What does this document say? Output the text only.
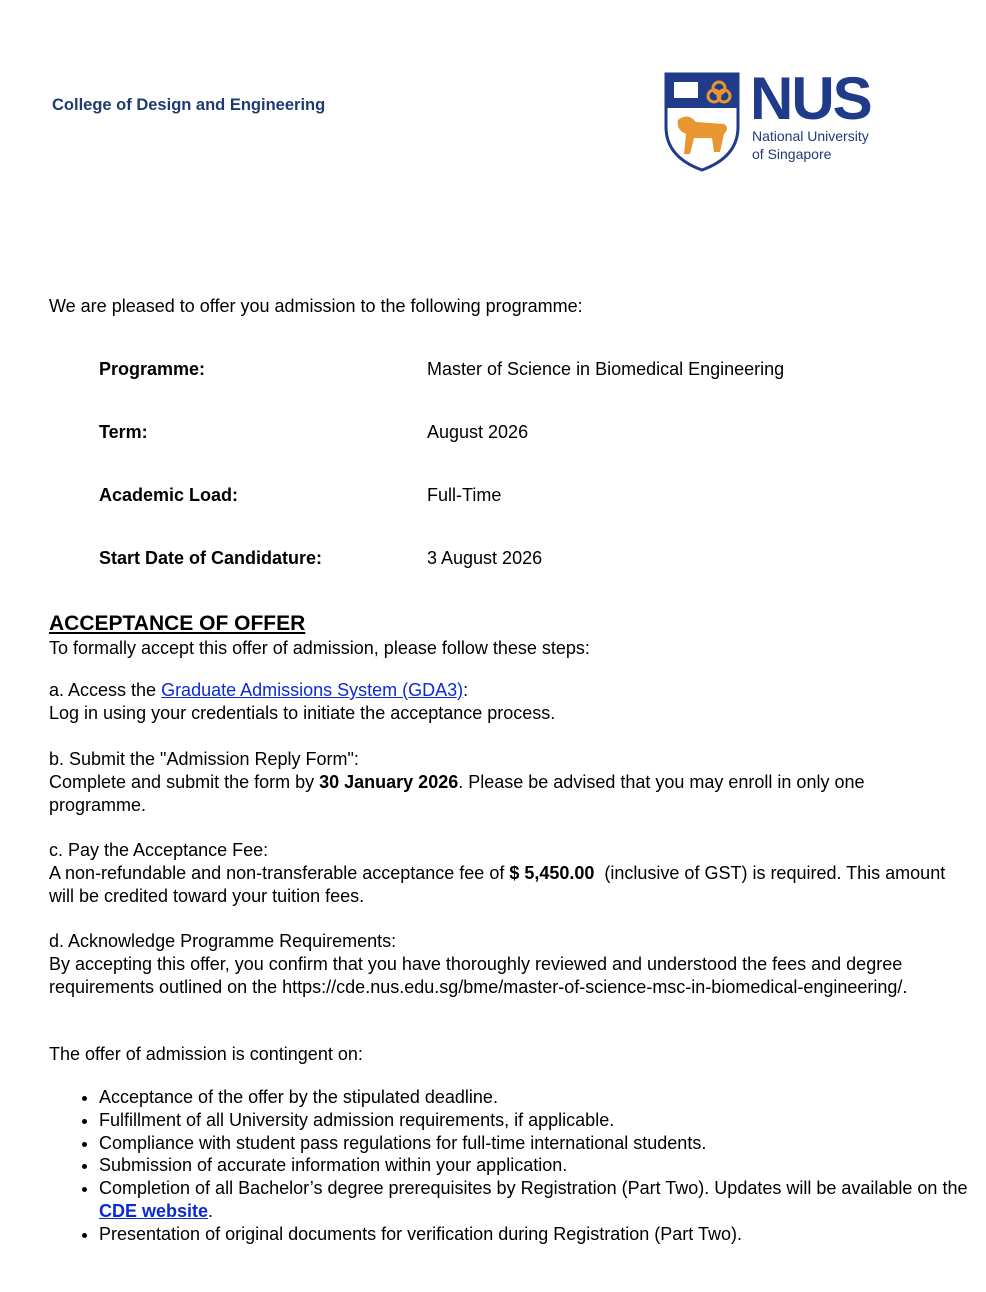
College of Design and Engineering	NUS
National University
of Singapore
We are pleased to offer you admission to the following programme:
Programme:	Master of Science in Biomedical Engineering
Term:	August 2026
Academic Load:	Full-Time
Start Date of Candidature:	3 August 2026
ACCEPTANCE OF OFFER
To formally accept this offer of admission, please follow these steps:
a. Access the Graduate Admissions System (GDA3):
Log in using your credentials to initiate the acceptance process.
b. Submit the "Admission Reply Form":
Complete and submit the form by 30 January 2026. Please be advised that you may enroll in only one programme.
c. Pay the Acceptance Fee:
A non-refundable and non-transferable acceptance fee of $ 5,450.00  (inclusive of GST) is required. This amount will be credited toward your tuition fees.
d. Acknowledge Programme Requirements:
By accepting this offer, you confirm that you have thoroughly reviewed and understood the fees and degree requirements outlined on the https://cde.nus.edu.sg/bme/master-of-science-msc-in-biomedical-engineering/.
The offer of admission is contingent on:
• Acceptance of the offer by the stipulated deadline.
• Fulfillment of all University admission requirements, if applicable.
• Compliance with student pass regulations for full-time international students.
• Submission of accurate information within your application.
• Completion of all Bachelor’s degree prerequisites by Registration (Part Two). Updates will be available on the CDE website.
• Presentation of original documents for verification during Registration (Part Two).
